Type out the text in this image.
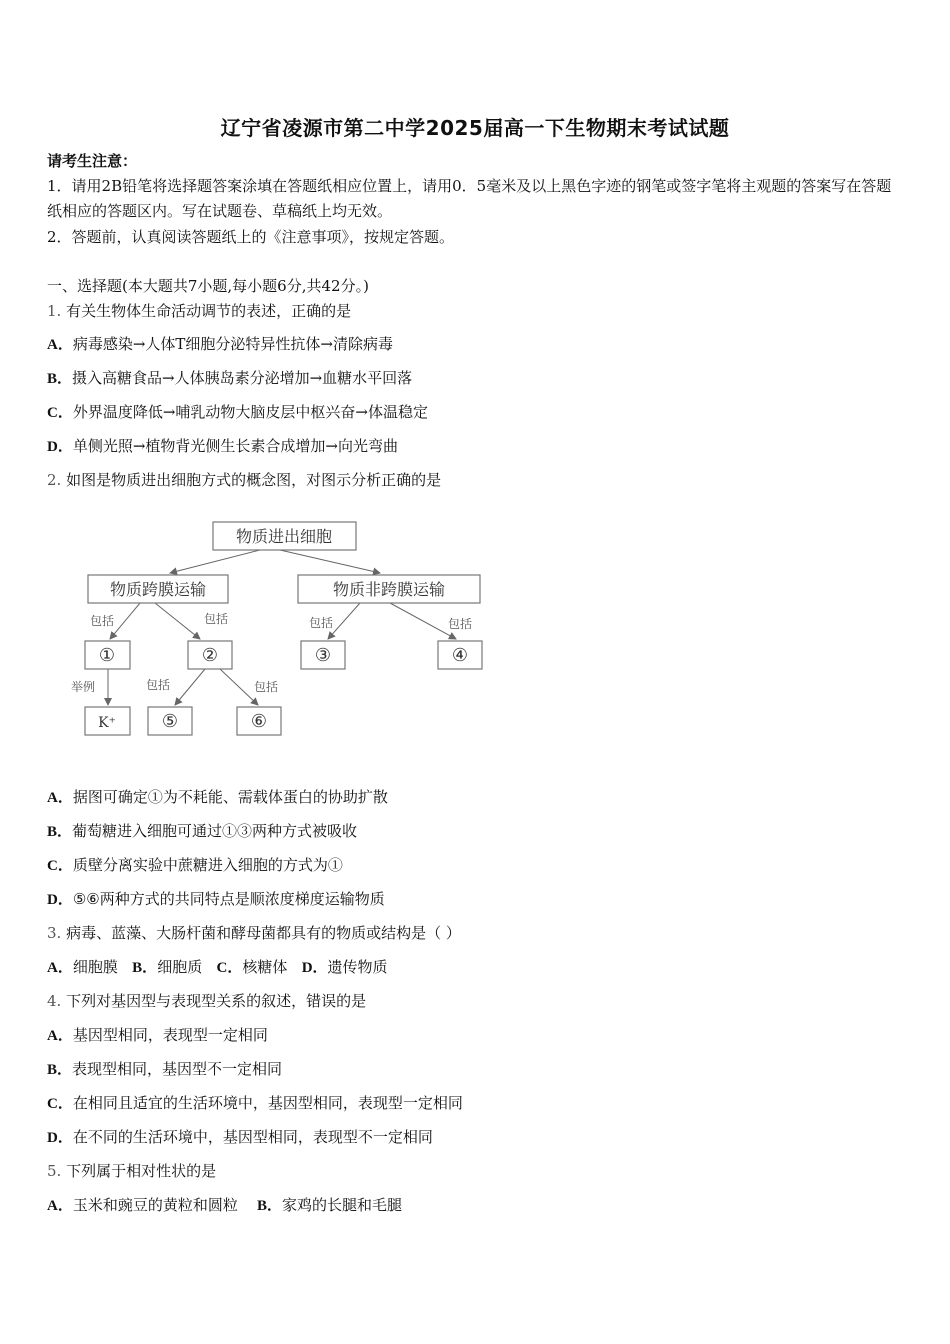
辽宁省凌源市第二中学2025届高一下生物期末考试试题
请考生注意：
1．请用2B铅笔将选择题答案涂填在答题纸相应位置上，请用0．5毫米及以上黑色字迹的钢笔或签字笔将主观题的答案写在答题纸相应的答题区内。写在试题卷、草稿纸上均无效。
2．答题前，认真阅读答题纸上的《注意事项》，按规定答题。
一、选择题(本大题共7小题,每小题6分,共42分。)
1. 有关生物体生命活动调节的表述，正确的是
A．病毒感染→人体T细胞分泌特异性抗体→清除病毒
B．摄入高糖食品→人体胰岛素分泌增加→血糖水平回落
C．外界温度降低→哺乳动物大脑皮层中枢兴奋→体温稳定
D．单侧光照→植物背光侧生长素合成增加→向光弯曲
2. 如图是物质进出细胞方式的概念图，对图示分析正确的是
物质进出细胞
物质跨膜运输	物质非跨膜运输
①	②	③	④
K⁺	⑤	⑥
包括	包括	包括	包括
举例	包括	包括
A．据图可确定①为不耗能、需载体蛋白的协助扩散
B．葡萄糖进入细胞可通过①③两种方式被吸收
C．质壁分离实验中蔗糖进入细胞的方式为①
D．⑤⑥两种方式的共同特点是顺浓度梯度运输物质
3. 病毒、蓝藻、大肠杆菌和酵母菌都具有的物质或结构是（ ）
A．细胞膜 B．细胞质 C．核糖体 D．遗传物质
4. 下列对基因型与表现型关系的叙述，错误的是
A．基因型相同，表现型一定相同
B．表现型相同，基因型不一定相同
C．在相同且适宜的生活环境中，基因型相同，表现型一定相同
D．在不同的生活环境中，基因型相同，表现型不一定相同
5. 下列属于相对性状的是
A．玉米和豌豆的黄粒和圆粒 B．家鸡的长腿和毛腿
